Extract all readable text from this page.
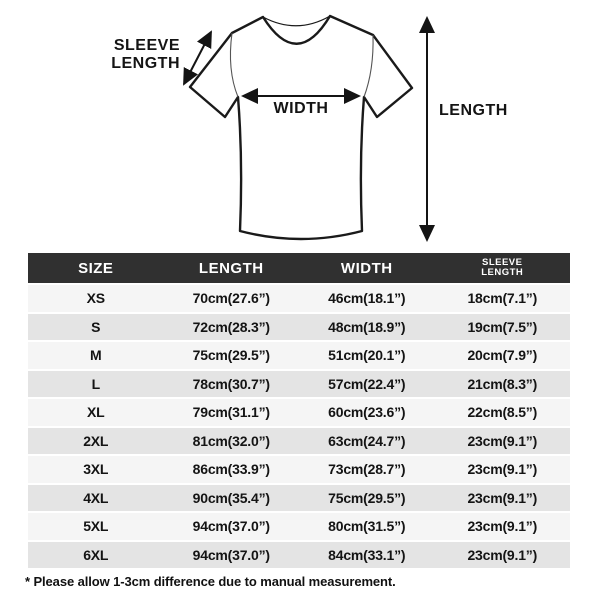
SLEEVE
LENGTH
WIDTH	LENGTH
SIZE	LENGTH	WIDTH	SLEEVE
LENGTH
XS	70cm(27.6”)	46cm(18.1”)	18cm(7.1”)
S	72cm(28.3”)	48cm(18.9”)	19cm(7.5”)
M	75cm(29.5”)	51cm(20.1”)	20cm(7.9”)
L	78cm(30.7”)	57cm(22.4”)	21cm(8.3”)
XL	79cm(31.1”)	60cm(23.6”)	22cm(8.5”)
2XL	81cm(32.0”)	63cm(24.7”)	23cm(9.1”)
3XL	86cm(33.9”)	73cm(28.7”)	23cm(9.1”)
4XL	90cm(35.4”)	75cm(29.5”)	23cm(9.1”)
5XL	94cm(37.0”)	80cm(31.5”)	23cm(9.1”)
6XL	94cm(37.0”)	84cm(33.1”)	23cm(9.1”)
* Please allow 1-3cm difference due to manual measurement.
